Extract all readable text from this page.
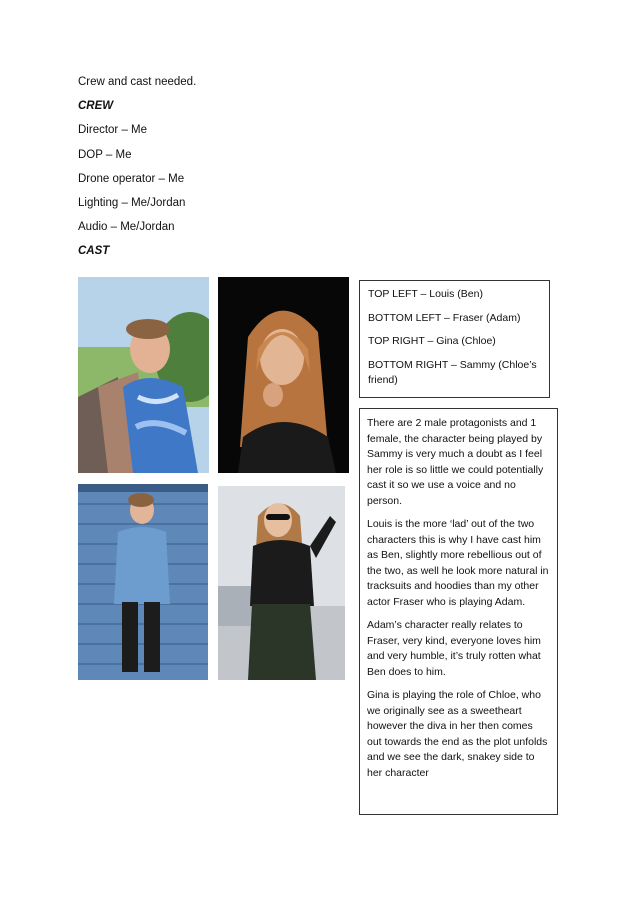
Crew and cast needed.
CREW
Director – Me
DOP – Me
Drone operator – Me
Lighting – Me/Jordan
Audio – Me/Jordan
CAST

TOP LEFT – Louis (Ben)

BOTTOM LEFT – Fraser (Adam)

TOP RIGHT – Gina (Chloe)

BOTTOM RIGHT – Sammy (Chloe’s friend)

There are 2 male protagonists and 1 female, the character being played by Sammy is very much a doubt as I feel her role is so little we could potentially cast it so we use a voice and no person.

Louis is the more ‘lad’ out of the two characters this is why I have cast him as Ben, slightly more rebellious out of the two, as well he look more natural in tracksuits and hoodies than my other actor Fraser who is playing Adam.

Adam’s character really relates to Fraser, very kind, everyone loves him and very humble, it’s truly rotten what Ben does to him.

Gina is playing the role of Chloe, who we originally see as a sweetheart however the diva in her then comes out towards the end as the plot unfolds and we see the dark, snakey side to her character
